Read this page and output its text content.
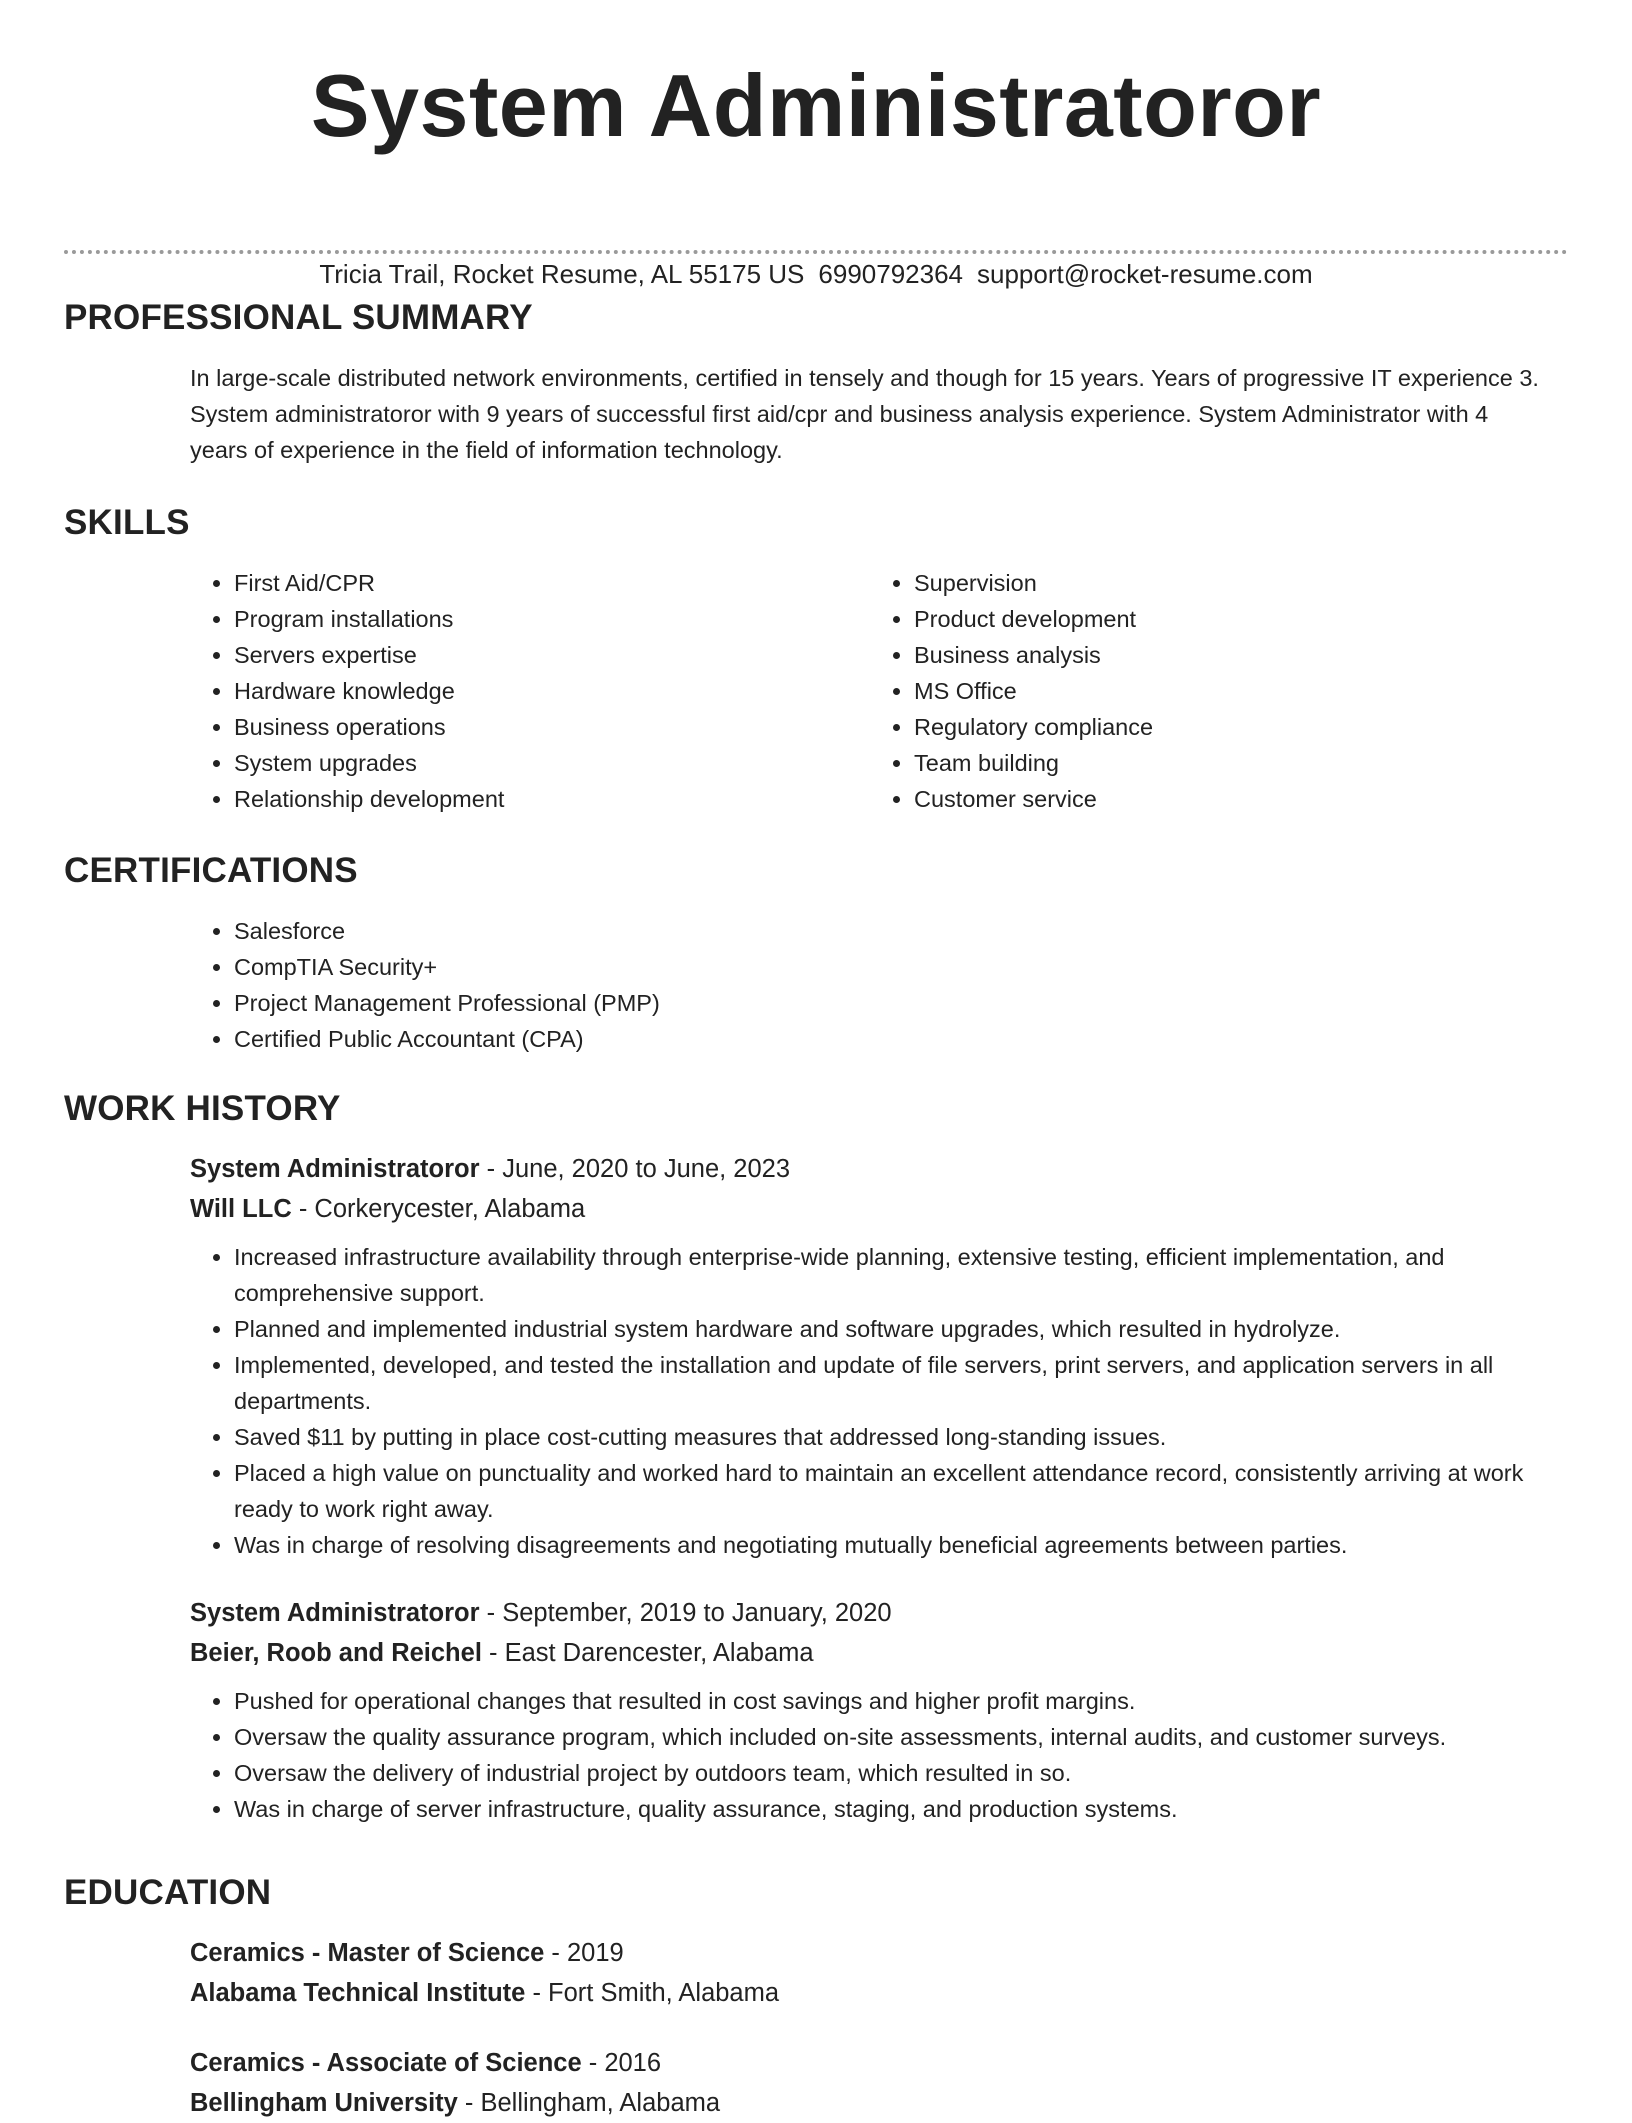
System Administratoror
Tricia Trail, Rocket Resume, AL 55175 US 6990792364 support@rocket-resume.com
PROFESSIONAL SUMMARY
In large-scale distributed network environments, certified in tensely and though for 15 years. Years of progressive IT experience 3. System administratoror with 9 years of successful first aid/cpr and business analysis experience. System Administrator with 4 years of experience in the field of information technology.
SKILLS
• First Aid/CPR
• Program installations
• Servers expertise
• Hardware knowledge
• Business operations
• System upgrades
• Relationship development
• Supervision
• Product development
• Business analysis
• MS Office
• Regulatory compliance
• Team building
• Customer service
CERTIFICATIONS
• Salesforce
• CompTIA Security+
• Project Management Professional (PMP)
• Certified Public Accountant (CPA)
WORK HISTORY
System Administratoror - June, 2020 to June, 2023
Will LLC - Corkerycester, Alabama
• Increased infrastructure availability through enterprise-wide planning, extensive testing, efficient implementation, and comprehensive support.
• Planned and implemented industrial system hardware and software upgrades, which resulted in hydrolyze.
• Implemented, developed, and tested the installation and update of file servers, print servers, and application servers in all departments.
• Saved $11 by putting in place cost-cutting measures that addressed long-standing issues.
• Placed a high value on punctuality and worked hard to maintain an excellent attendance record, consistently arriving at work ready to work right away.
• Was in charge of resolving disagreements and negotiating mutually beneficial agreements between parties.
System Administratoror - September, 2019 to January, 2020
Beier, Roob and Reichel - East Darencester, Alabama
• Pushed for operational changes that resulted in cost savings and higher profit margins.
• Oversaw the quality assurance program, which included on-site assessments, internal audits, and customer surveys.
• Oversaw the delivery of industrial project by outdoors team, which resulted in so.
• Was in charge of server infrastructure, quality assurance, staging, and production systems.
EDUCATION
Ceramics - Master of Science - 2019
Alabama Technical Institute - Fort Smith, Alabama
Ceramics - Associate of Science - 2016
Bellingham University - Bellingham, Alabama
